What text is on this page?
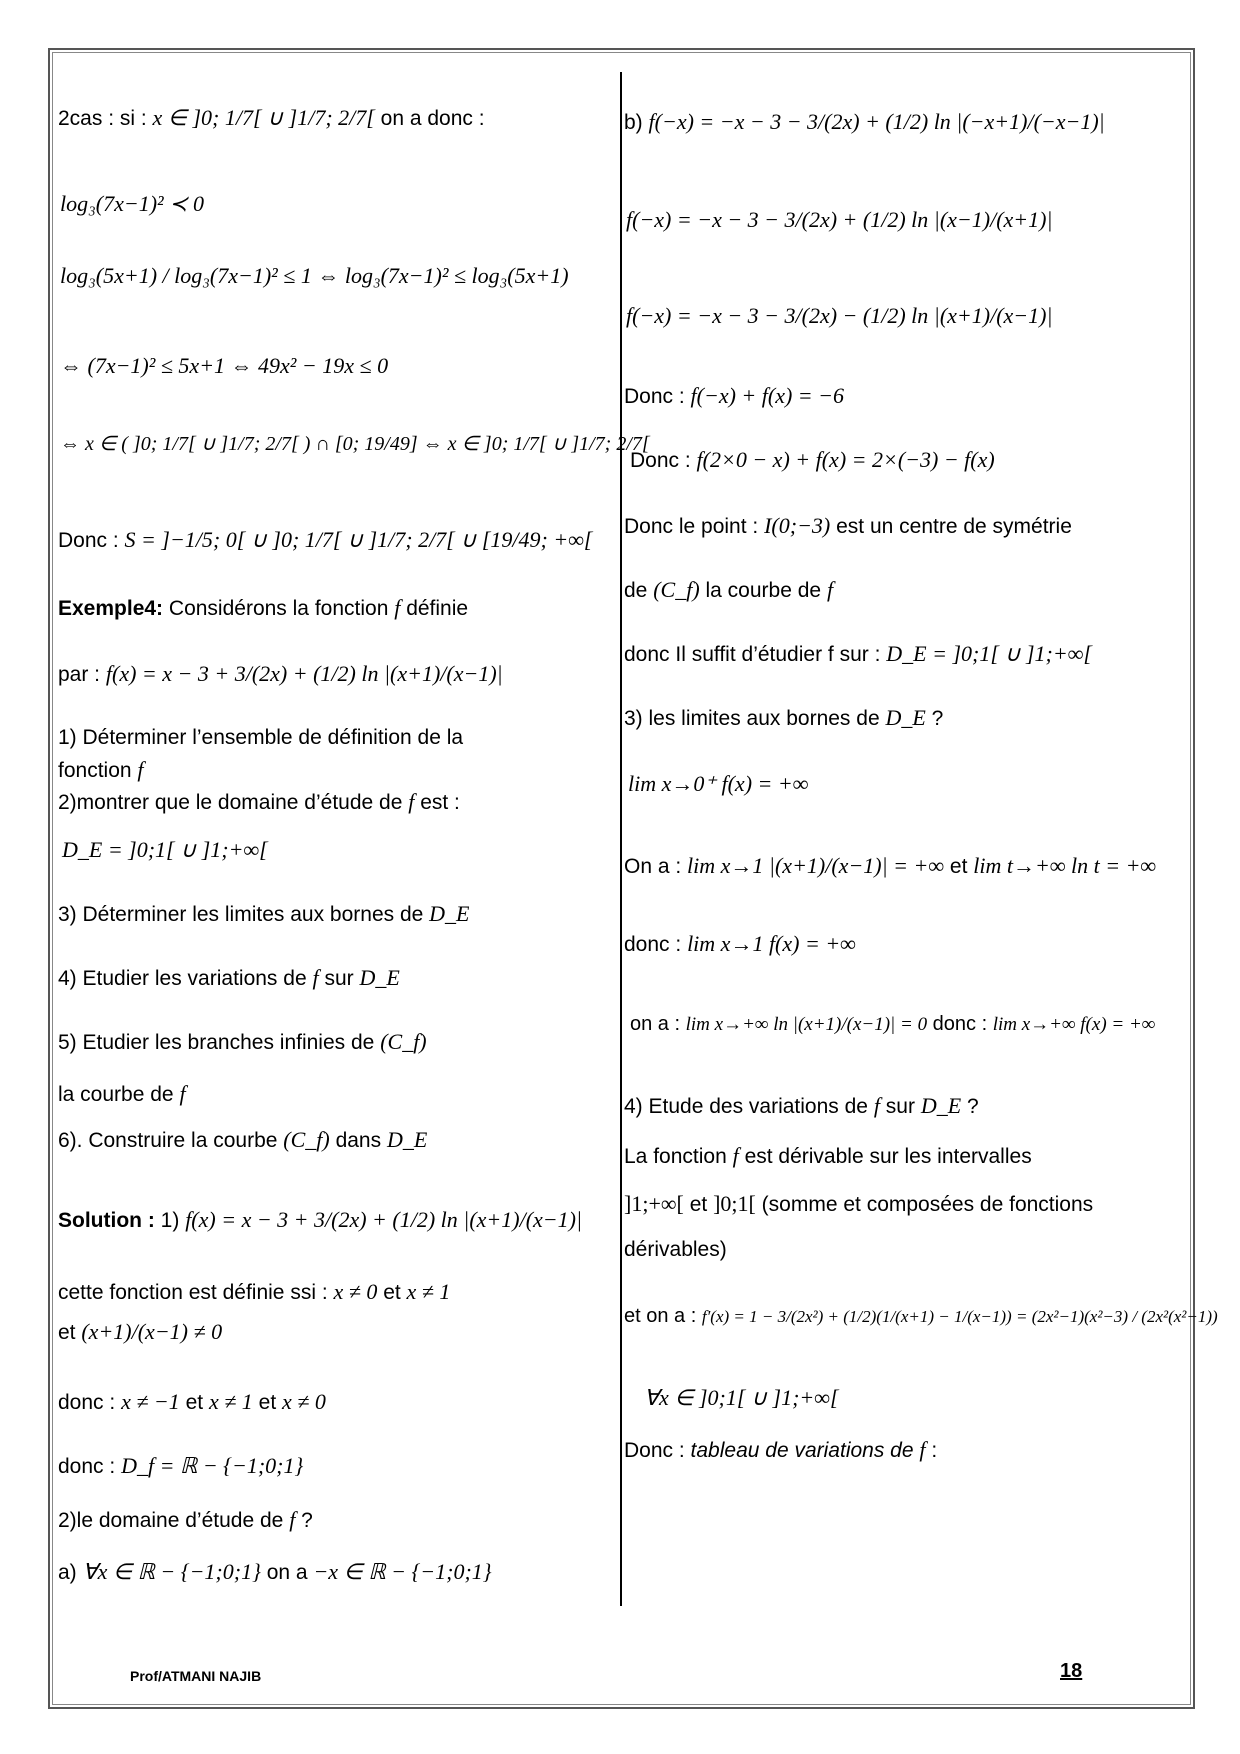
2cas : si : x ∈ ]0; 1/7[ ∪ ]1/7; 2/7[ on a donc :
log₃(7x−1)² ≺ 0
log₃(5x+1) / log₃(7x−1)² ≤ 1 ⇔ log₃(7x−1)² ≤ log₃(5x+1)
⇔ (7x−1)² ≤ 5x+1 ⇔ 49x² − 19x ≤ 0
⇔ x ∈ ( ]0; 1/7[ ∪ ]1/7; 2/7[ ) ∩ [0; 19/49] ⇔ x ∈ ]0; 1/7[ ∪ ]1/7; 2/7[
Donc : S = ]−1/5; 0[ ∪ ]0; 1/7[ ∪ ]1/7; 2/7[ ∪ [19/49; +∞[
Exemple4: Considérons la fonction f définie
par : f(x) = x − 3 + 3/(2x) + (1/2) ln |(x+1)/(x−1)|
1) Déterminer l’ensemble de définition de la
fonction f
2)montrer que le domaine d’étude de f est :
D_E = ]0;1[ ∪ ]1;+∞[
3) Déterminer les limites aux bornes de D_E
4) Etudier les variations de f sur D_E
5) Etudier les branches infinies de (C_f)
la courbe de f
6). Construire la courbe (C_f) dans D_E
Solution : 1) f(x) = x − 3 + 3/(2x) + (1/2) ln |(x+1)/(x−1)|
cette fonction est définie ssi : x ≠ 0 et x ≠ 1
et (x+1)/(x−1) ≠ 0
donc : x ≠ −1 et x ≠ 1 et x ≠ 0
donc : D_f = ℝ − {−1;0;1}
2)le domaine d’étude de f ?
a) ∀x ∈ ℝ − {−1;0;1} on a −x ∈ ℝ − {−1;0;1}
b) f(−x) = −x − 3 − 3/(2x) + (1/2) ln |(−x+1)/(−x−1)|
f(−x) = −x − 3 − 3/(2x) + (1/2) ln |(x−1)/(x+1)|
f(−x) = −x − 3 − 3/(2x) − (1/2) ln |(x+1)/(x−1)|
Donc : f(−x) + f(x) = −6
Donc : f(2×0 − x) + f(x) = 2×(−3) − f(x)
Donc le point : I(0;−3) est un centre de symétrie
de (C_f) la courbe de f
donc Il suffit d’étudier f sur : D_E = ]0;1[ ∪ ]1;+∞[
3) les limites aux bornes de D_E ?
lim x→0⁺ f(x) = +∞
On a : lim x→1 |(x+1)/(x−1)| = +∞ et lim t→+∞ ln t = +∞
donc : lim x→1 f(x) = +∞
on a : lim x→+∞ ln |(x+1)/(x−1)| = 0 donc : lim x→+∞ f(x) = +∞
4) Etude des variations de f sur D_E ?
La fonction f est dérivable sur les intervalles
]1;+∞[ et ]0;1[ (somme et composées de fonctions
dérivables)
et on a : f′(x) = 1 − 3/(2x²) + (1/2)(1/(x+1) − 1/(x−1)) = (2x²−1)(x²−3) / (2x²(x²−1))
∀x ∈ ]0;1[ ∪ ]1;+∞[
Donc : tableau de variations de f :
Prof/ATMANI NAJIB	18
